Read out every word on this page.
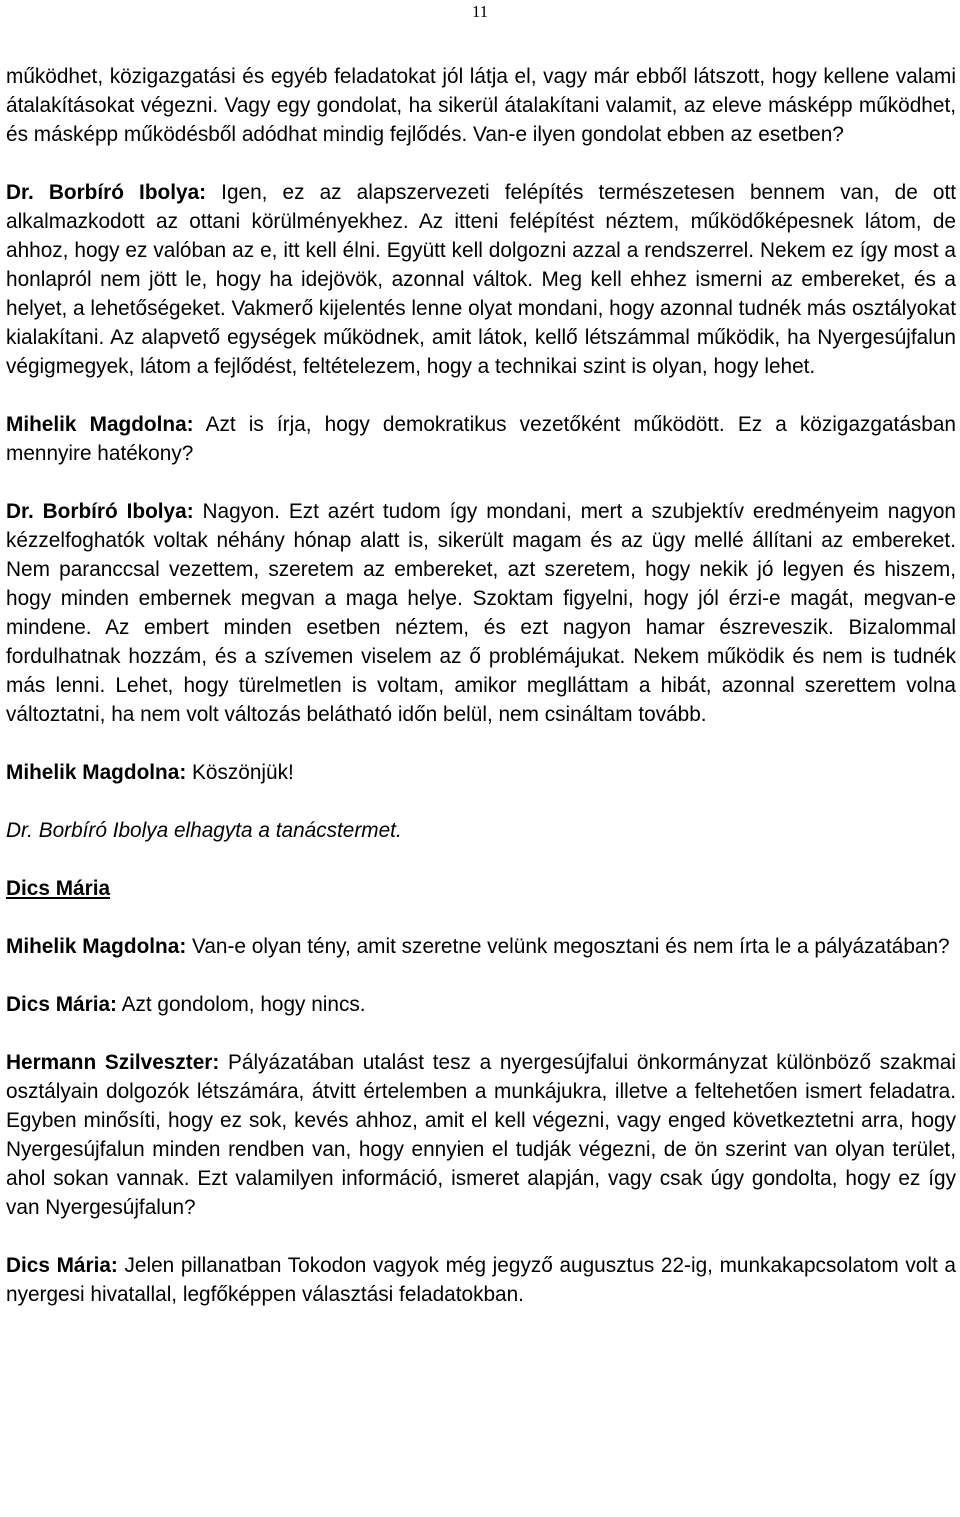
11

működhet, közigazgatási és egyéb feladatokat jól látja el, vagy már ebből látszott, hogy kellene valami átalakításokat végezni. Vagy egy gondolat, ha sikerül átalakítani valamit, az eleve másképp működhet, és másképp működésből adódhat mindig fejlődés. Van-e ilyen gondolat ebben az esetben?

Dr. Borbíró Ibolya: Igen, ez az alapszervezeti felépítés természetesen bennem van, de ott alkalmazkodott az ottani körülményekhez. Az itteni felépítést néztem, működőképesnek látom, de ahhoz, hogy ez valóban az e, itt kell élni. Együtt kell dolgozni azzal a rendszerrel. Nekem ez így most a honlapról nem jött le, hogy ha idejövök, azonnal váltok. Meg kell ehhez ismerni az embereket, és a helyet, a lehetőségeket. Vakmerő kijelentés lenne olyat mondani, hogy azonnal tudnék más osztályokat kialakítani. Az alapvető egységek működnek, amit látok, kellő létszámmal működik, ha Nyergesújfalun végigmegyek, látom a fejlődést, feltételezem, hogy a technikai szint is olyan, hogy lehet.

Mihelik Magdolna: Azt is írja, hogy demokratikus vezetőként működött. Ez a közigazgatásban mennyire hatékony?

Dr. Borbíró Ibolya: Nagyon. Ezt azért tudom így mondani, mert a szubjektív eredményeim nagyon kézzelfoghatók voltak néhány hónap alatt is, sikerült magam és az ügy mellé állítani az embereket. Nem paranccsal vezettem, szeretem az embereket, azt szeretem, hogy nekik jó legyen és hiszem, hogy minden embernek megvan a maga helye. Szoktam figyelni, hogy jól érzi-e magát, megvan-e mindene. Az embert minden esetben néztem, és ezt nagyon hamar észreveszik. Bizalommal fordulhatnak hozzám, és a szívemen viselem az ő problémájukat. Nekem működik és nem is tudnék más lenni. Lehet, hogy türelmetlen is voltam, amikor meglláttam a hibát, azonnal szerettem volna változtatni, ha nem volt változás belátható időn belül, nem csináltam tovább.

Mihelik Magdolna: Köszönjük!

Dr. Borbíró Ibolya elhagyta a tanácstermet.

Dics Mária

Mihelik Magdolna: Van-e olyan tény, amit szeretne velünk megosztani és nem írta le a pályázatában?

Dics Mária: Azt gondolom, hogy nincs.

Hermann Szilveszter: Pályázatában utalást tesz a nyergesújfalui önkormányzat különböző szakmai osztályain dolgozók létszámára, átvitt értelemben a munkájukra, illetve a feltehetően ismert feladatra. Egyben minősíti, hogy ez sok, kevés ahhoz, amit el kell végezni, vagy enged következtetni arra, hogy Nyergesújfalun minden rendben van, hogy ennyien el tudják végezni, de ön szerint van olyan terület, ahol sokan vannak. Ezt valamilyen információ, ismeret alapján, vagy csak úgy gondolta, hogy ez így van Nyergesújfalun?

Dics Mária: Jelen pillanatban Tokodon vagyok még jegyző augusztus 22-ig, munkakapcsolatom volt a nyergesi hivatallal, legfőképpen választási feladatokban.
